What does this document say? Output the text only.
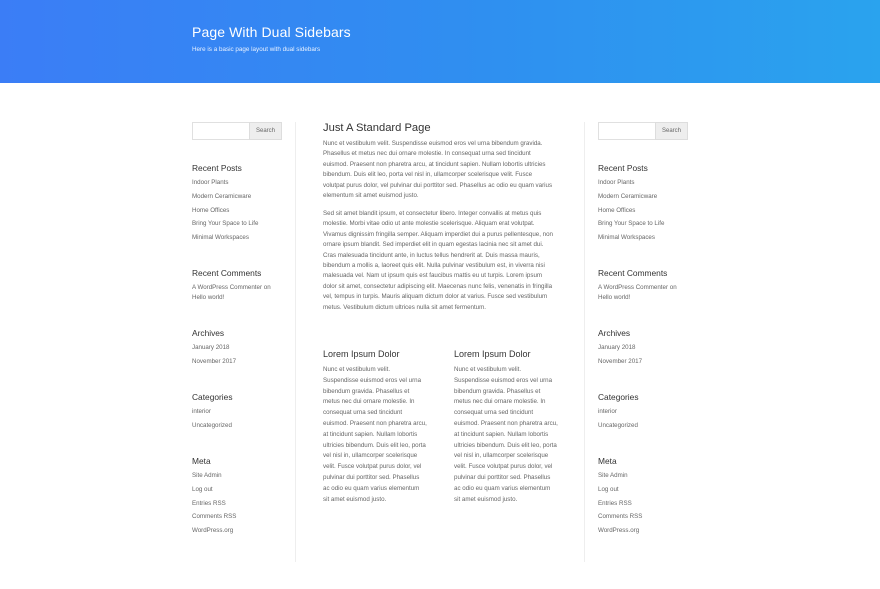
Page With Dual Sidebars
Here is a basic page layout with dual sidebars
Search
Recent Posts
Indoor Plants
Modern Ceramicware
Home Offices
Bring Your Space to Life
Minimal Workspaces
Recent Comments
A WordPress Commenter on
Hello world!
Archives
January 2018
November 2017
Categories
interior
Uncategorized
Meta
Site Admin
Log out
Entries RSS
Comments RSS
WordPress.org
Just A Standard Page

Nunc et vestibulum velit. Suspendisse euismod eros vel urna bibendum gravida. Phasellus et metus nec dui ornare molestie. In consequat urna sed tincidunt euismod. Praesent non pharetra arcu, at tincidunt sapien. Nullam lobortis ultricies bibendum. Duis elit leo, porta vel nisl in, ullamcorper scelerisque velit. Fusce volutpat purus dolor, vel pulvinar dui porttitor sed. Phasellus ac odio eu quam varius elementum sit amet euismod justo.

Sed sit amet blandit ipsum, et consectetur libero. Integer convallis at metus quis molestie. Morbi vitae odio ut ante molestie scelerisque. Aliquam erat volutpat. Vivamus dignissim fringilla semper. Aliquam imperdiet dui a purus pellentesque, non ornare ipsum blandit. Sed imperdiet elit in quam egestas lacinia nec sit amet dui. Cras malesuada tincidunt ante, in luctus tellus hendrerit at. Duis massa mauris, bibendum a mollis a, laoreet quis elit. Nulla pulvinar vestibulum est, in viverra nisi malesuada vel. Nam ut ipsum quis est faucibus mattis eu ut turpis. Lorem ipsum dolor sit amet, consectetur adipiscing elit. Maecenas nunc felis, venenatis in fringilla vel, tempus in turpis. Mauris aliquam dictum dolor at varius. Fusce sed vestibulum metus. Vestibulum dictum ultrices nulla sit amet fermentum.

Lorem Ipsum Dolor

Nunc et vestibulum velit. Suspendisse euismod eros vel urna bibendum gravida. Phasellus et metus nec dui ornare molestie. In consequat urna sed tincidunt euismod. Praesent non pharetra arcu, at tincidunt sapien. Nullam lobortis ultricies bibendum. Duis elit leo, porta vel nisl in, ullamcorper scelerisque velit. Fusce volutpat purus dolor, vel pulvinar dui porttitor sed. Phasellus ac odio eu quam varius elementum sit amet euismod justo.

Lorem Ipsum Dolor

Nunc et vestibulum velit. Suspendisse euismod eros vel urna bibendum gravida. Phasellus et metus nec dui ornare molestie. In consequat urna sed tincidunt euismod. Praesent non pharetra arcu, at tincidunt sapien. Nullam lobortis ultricies bibendum. Duis elit leo, porta vel nisl in, ullamcorper scelerisque velit. Fusce volutpat purus dolor, vel pulvinar dui porttitor sed. Phasellus ac odio eu quam varius elementum sit amet euismod justo.

Search
Recent Posts
Indoor Plants
Modern Ceramicware
Home Offices
Bring Your Space to Life
Minimal Workspaces
Recent Comments
A WordPress Commenter on
Hello world!
Archives
January 2018
November 2017
Categories
interior
Uncategorized
Meta
Site Admin
Log out
Entries RSS
Comments RSS
WordPress.org
